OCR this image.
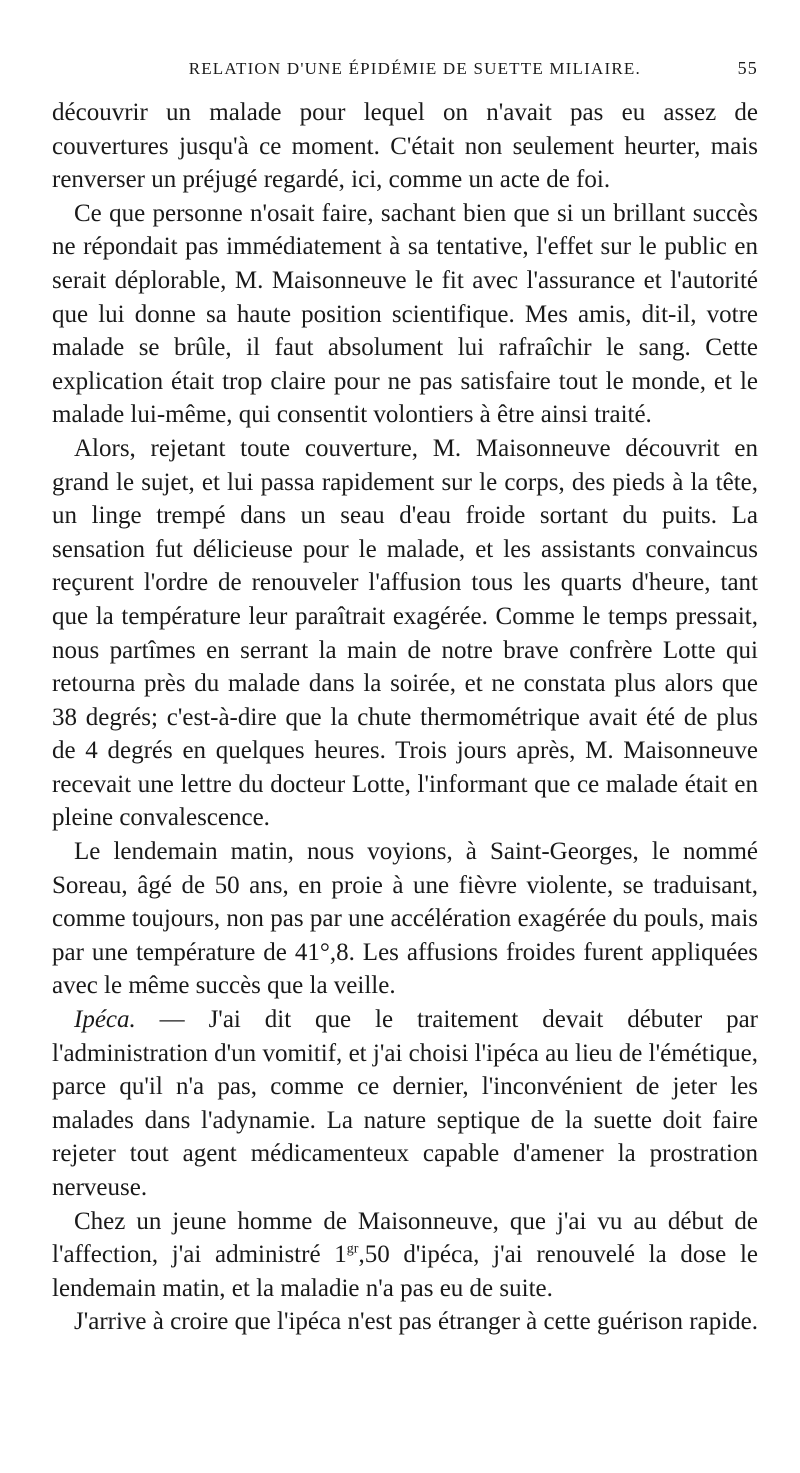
RELATION D'UNE ÉPIDÉMIE DE SUETTE MILIAIRE.	55

découvrir un malade pour lequel on n'avait pas eu assez de couvertures jusqu'à ce moment. C'était non seulement heurter, mais renverser un préjugé regardé, ici, comme un acte de foi.

Ce que personne n'osait faire, sachant bien que si un brillant succès ne répondait pas immédiatement à sa tentative, l'effet sur le public en serait déplorable, M. Maisonneuve le fit avec l'assurance et l'autorité que lui donne sa haute position scientifique. Mes amis, dit-il, votre malade se brûle, il faut absolument lui rafraîchir le sang. Cette explication était trop claire pour ne pas satisfaire tout le monde, et le malade lui-même, qui consentit volontiers à être ainsi traité.

Alors, rejetant toute couverture, M. Maisonneuve découvrit en grand le sujet, et lui passa rapidement sur le corps, des pieds à la tête, un linge trempé dans un seau d'eau froide sortant du puits. La sensation fut délicieuse pour le malade, et les assistants convaincus reçurent l'ordre de renouveler l'affusion tous les quarts d'heure, tant que la température leur paraîtrait exagérée. Comme le temps pressait, nous partîmes en serrant la main de notre brave confrère Lotte qui retourna près du malade dans la soirée, et ne constata plus alors que 38 degrés; c'est-à-dire que la chute thermométrique avait été de plus de 4 degrés en quelques heures. Trois jours après, M. Maisonneuve recevait une lettre du docteur Lotte, l'informant que ce malade était en pleine convalescence.

Le lendemain matin, nous voyions, à Saint-Georges, le nommé Soreau, âgé de 50 ans, en proie à une fièvre violente, se traduisant, comme toujours, non pas par une accélération exagérée du pouls, mais par une température de 41°,8. Les affusions froides furent appliquées avec le même succès que la veille.

Ipéca. — J'ai dit que le traitement devait débuter par l'administration d'un vomitif, et j'ai choisi l'ipéca au lieu de l'émétique, parce qu'il n'a pas, comme ce dernier, l'inconvénient de jeter les malades dans l'adynamie. La nature septique de la suette doit faire rejeter tout agent médicamenteux capable d'amener la prostration nerveuse.

Chez un jeune homme de Maisonneuve, que j'ai vu au début de l'affection, j'ai administré $1^{gr},50$ d'ipéca, j'ai renouvelé la dose le lendemain matin, et la maladie n'a pas eu de suite.

J'arrive à croire que l'ipéca n'est pas étranger à cette guérison rapide.
